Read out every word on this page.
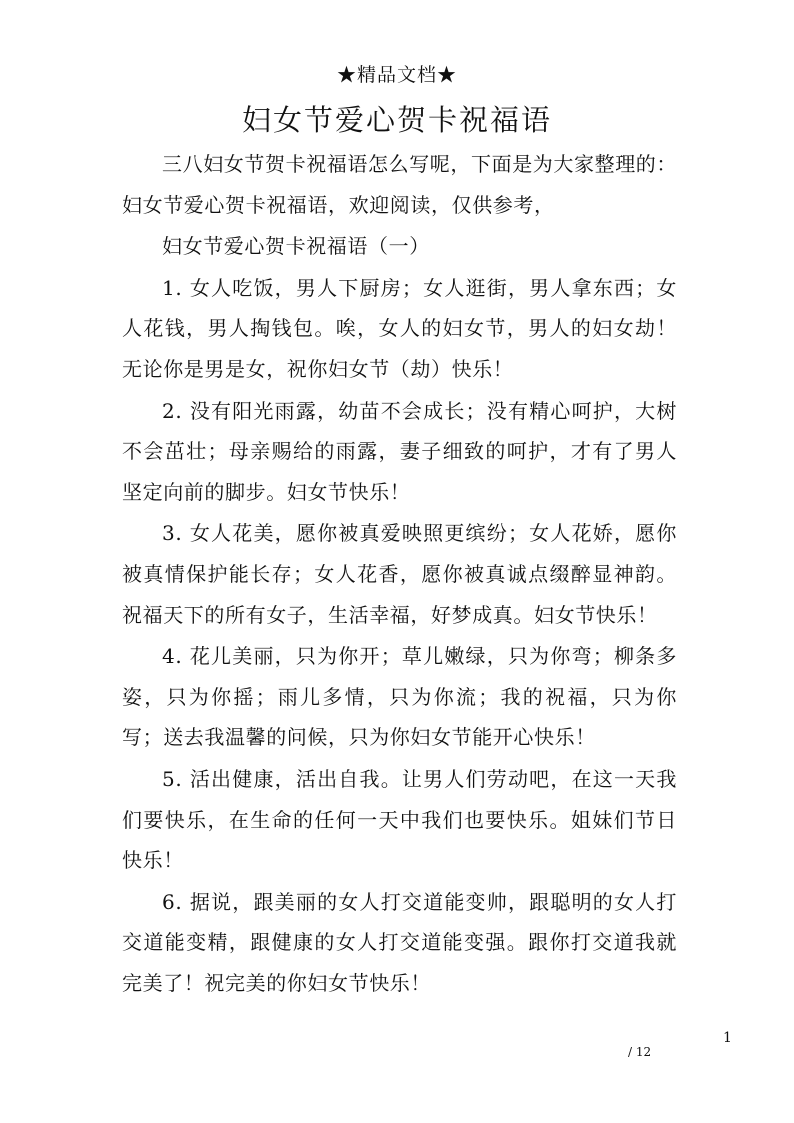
★精品文档★
妇女节爱心贺卡祝福语

三八妇女节贺卡祝福语怎么写呢，下面是为大家整理的：妇女节爱心贺卡祝福语，欢迎阅读，仅供参考，

妇女节爱心贺卡祝福语（一）

1. 女人吃饭，男人下厨房；女人逛街，男人拿东西；女人花钱，男人掏钱包。唉，女人的妇女节，男人的妇女劫！无论你是男是女，祝你妇女节（劫）快乐！

2. 没有阳光雨露，幼苗不会成长；没有精心呵护，大树不会茁壮；母亲赐给的雨露，妻子细致的呵护，才有了男人坚定向前的脚步。妇女节快乐！

3. 女人花美，愿你被真爱映照更缤纷；女人花娇，愿你被真情保护能长存；女人花香，愿你被真诚点缀醉显神韵。祝福天下的所有女子，生活幸福，好梦成真。妇女节快乐！

4. 花儿美丽，只为你开；草儿嫩绿，只为你弯；柳条多姿，只为你摇；雨儿多情，只为你流；我的祝福，只为你写；送去我温馨的问候，只为你妇女节能开心快乐！

5. 活出健康，活出自我。让男人们劳动吧，在这一天我们要快乐，在生命的任何一天中我们也要快乐。姐妹们节日快乐！

6. 据说，跟美丽的女人打交道能变帅，跟聪明的女人打交道能变精，跟健康的女人打交道能变强。跟你打交道我就完美了！祝完美的你妇女节快乐！

1
/ 12
